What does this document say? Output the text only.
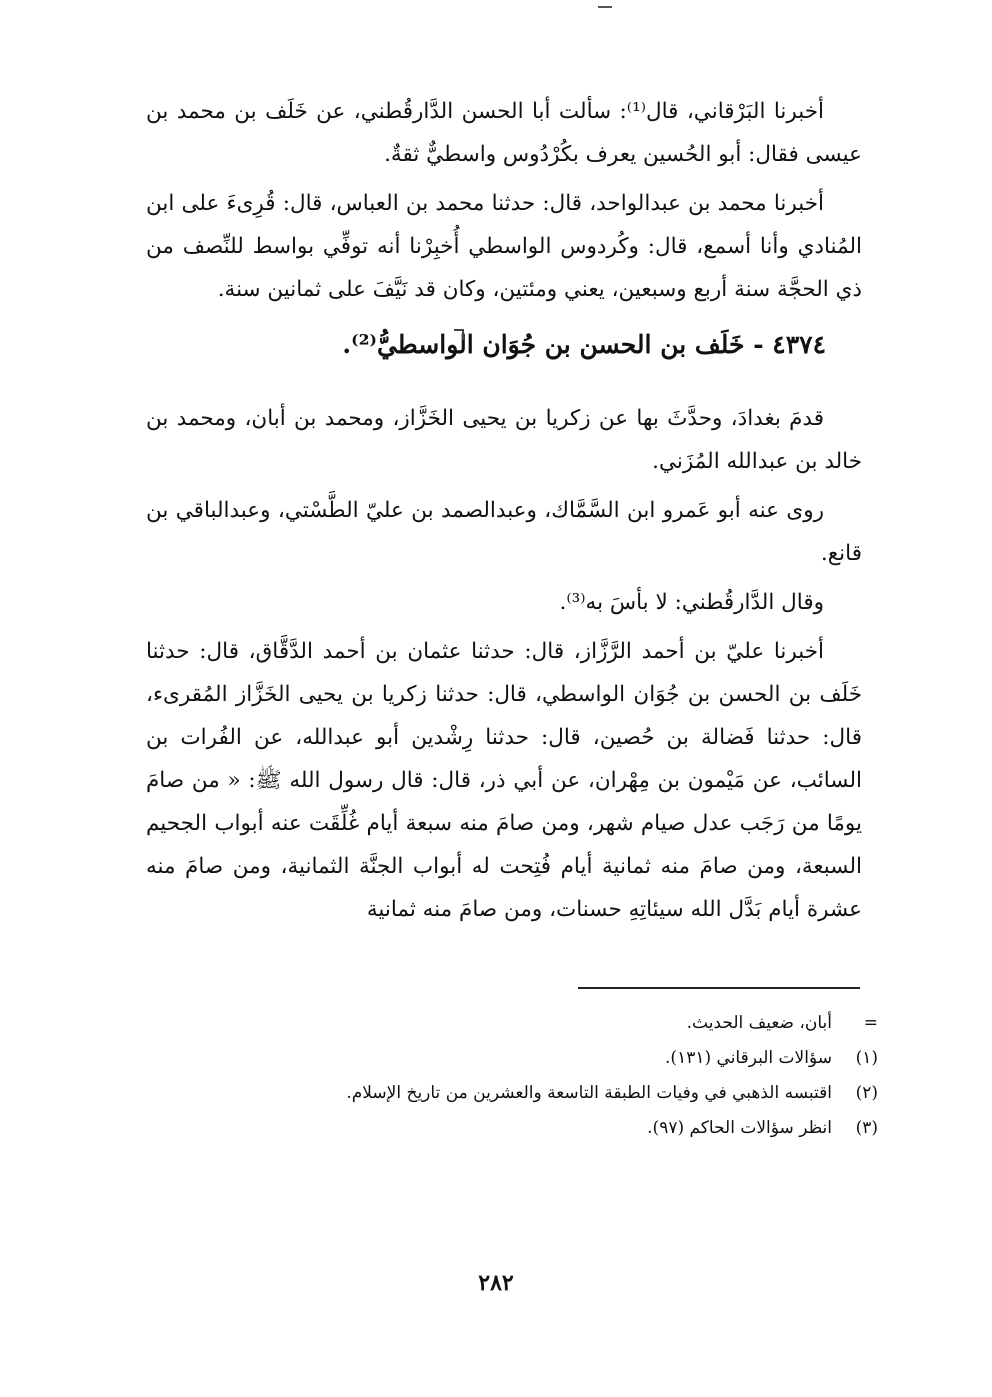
أخبرنا البَرْقاني، قال⁽¹⁾: سألت أبا الحسن الدَّارقُطني، عن خَلَف بن محمد بن عيسى فقال: أبو الحُسين يعرف بكُرْدُوس واسطيٌّ ثقةٌ.

أخبرنا محمد بن عبدالواحد، قال: حدثنا محمد بن العباس، قال: قُرِىءَ على ابن المُنادي وأنا أسمع، قال: وكُردوس الواسطي أُخبِرْنا أنه توفِّي بواسط للنِّصف من ذي الحجَّة سنة أربع وسبعين، يعني ومئتين، وكان قد نَيَّفَ على ثمانين سنة.

٤٣٧٤ - خَلَف بن الحسن بن جُوَان الواسطيُّ⁽²⁾.

قدمَ بغدادَ، وحدَّثَ بها عن زكريا بن يحيى الخَزَّاز، ومحمد بن أبان، ومحمد بن خالد بن عبدالله المُزَني.

روى عنه أبو عَمرو ابن السَّمَّاك، وعبدالصمد بن عليّ الطَّسْتي، وعبدالباقي بن قانع.

وقال الدَّارقُطني: لا بأسَ به⁽³⁾.

أخبرنا عليّ بن أحمد الرَّزَّاز، قال: حدثنا عثمان بن أحمد الدَّقَّاق، قال: حدثنا خَلَف بن الحسن بن جُوَان الواسطي، قال: حدثنا زكريا بن يحيى الخَزَّاز المُقرىء، قال: حدثنا فَضالة بن حُصين، قال: حدثنا رِشْدين أبو عبدالله، عن الفُرات بن السائب، عن مَيْمون بن مِهْران، عن أبي ذر، قال: قال رسول الله ﷺ: « من صامَ يومًا من رَجَب عدل صيام شهر، ومن صامَ منه سبعة أيام غُلِّقَت عنه أبواب الجحيم السبعة، ومن صامَ منه ثمانية أيام فُتِحت له أبواب الجنَّة الثمانية، ومن صامَ منه عشرة أيام بَدَّل الله سيئاتِهِ حسنات، ومن صامَ منه ثمانية

=
أبان، ضعيف الحديث.
(١)
سؤالات البرقاني (١٣١).
(٢)
اقتبسه الذهبي في وفيات الطبقة التاسعة والعشرين من تاريخ الإسلام.
(٣)
انظر سؤالات الحاكم (٩٧).
٢٨٢
